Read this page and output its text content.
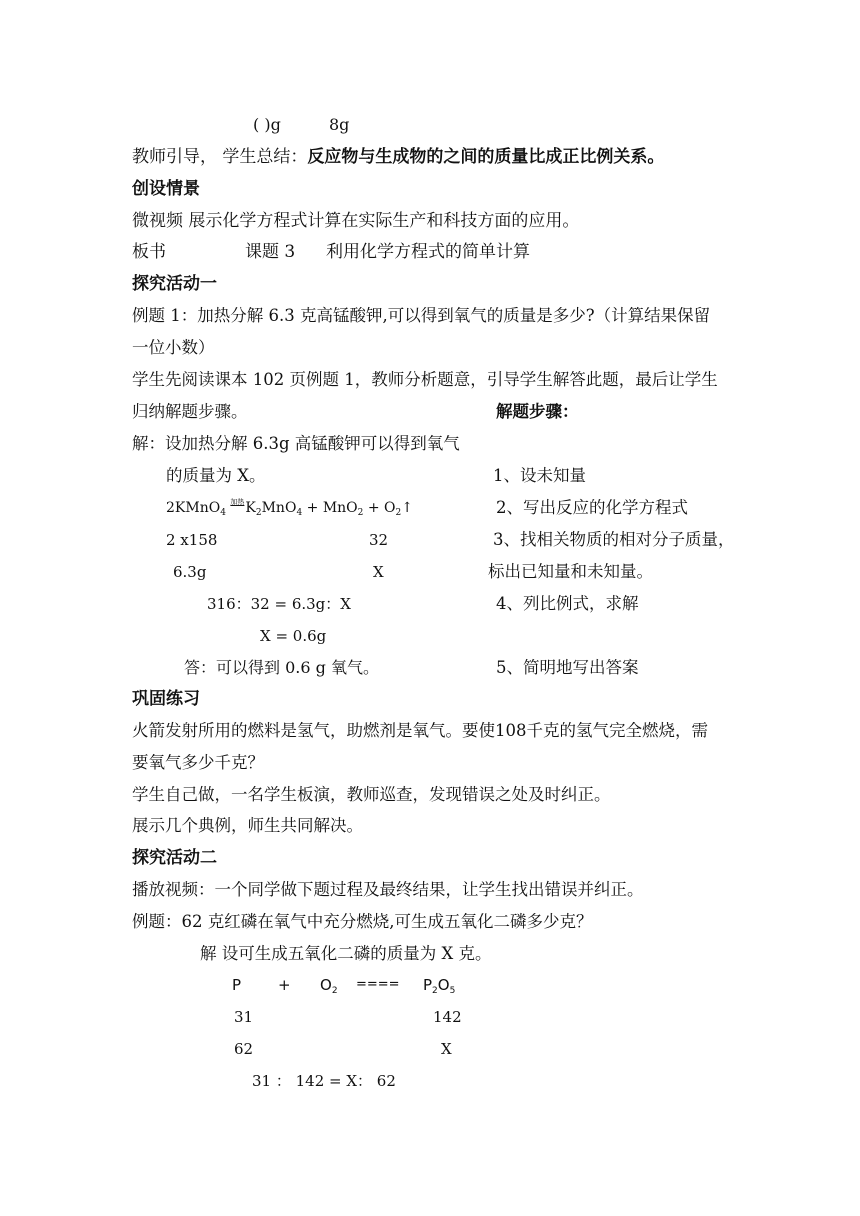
( )g	8g
教师引导， 学生总结：反应物与生成物的之间的质量比成正比例关系。
创设情景
微视频 展示化学方程式计算在实际生产和科技方面的应用。
板书	课题 3 利用化学方程式的简单计算
探究活动一
例题 1：加热分解 6.3 克高锰酸钾,可以得到氧气的质量是多少?（计算结果保留
一位小数）
学生先阅读课本 102 页例题 1，教师分析题意，引导学生解答此题，最后让学生
归纳解题步骤。	解题步骤：
解：设加热分解 6.3g 高锰酸钾可以得到氧气
的质量为 X。	1、设未知量
2KMnO$_4$ $^{加热}K_2MnO_4 + MnO_2$ + $O_2↑$	2、写出反应的化学方程式
2 x158	32	3、找相关物质的相对分子质量，
6.3g	X	标出已知量和未知量。
316：32 = 6.3g：X	4、列比例式，求解
X = 0.6g
答：可以得到 0.6 g 氧气。	5、简明地写出答案
巩固练习
火箭发射所用的燃料是氢气，助燃剂是氧气。要使108千克的氢气完全燃烧，需
要氧气多少千克？
学生自己做，一名学生板演，教师巡查，发现错误之处及时纠正。
展示几个典例，师生共同解决。
探究活动二
播放视频：一个同学做下题过程及最终结果，让学生找出错误并纠正。
例题：62 克红磷在氧气中充分燃烧,可生成五氧化二磷多少克？
解 设可生成五氧化二磷的质量为 X 克。
$P + O_2$ ==== $P_2O_5$
31	142
62	X
31 ： 142 = X： 62
